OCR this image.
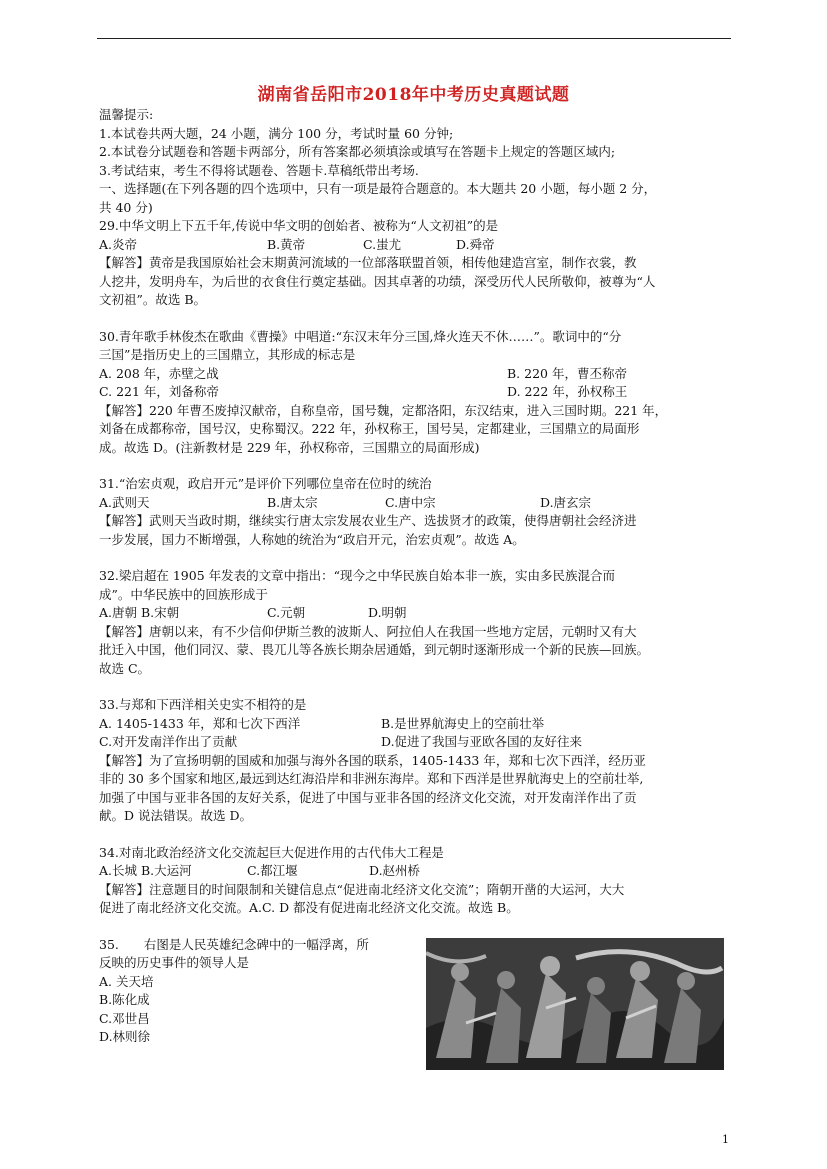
湖南省岳阳市2018年中考历史真题试题
温馨提示:
1.本试卷共两大题，24 小题，满分 100 分，考试时量 60 分钟;
2.本试卷分试题卷和答题卡两部分，所有答案都必须填涂或填写在答题卡上规定的答题区域内;
3.考试结束，考生不得将试题卷、答题卡.草稿纸带出考场.
一、选择题(在下列各题的四个选项中，只有一项是最符合题意的。本大题共 20 小题，每小题 2 分，
共 40 分)
29.中华文明上下五千年,传说中华文明的创始者、被称为“人文初祖”的是
A.炎帝	B.黄帝	C.蚩尤	D.舜帝
【解答】黄帝是我国原始社会末期黄河流域的一位部落联盟首领，相传他建造宫室，制作衣裳，教
人挖井，发明舟车，为后世的衣食住行奠定基础。因其卓著的功绩，深受历代人民所敬仰，被尊为“人
文初祖”。故选 B。
30.青年歌手林俊杰在歌曲《曹操》中唱道:“东汉末年分三国,烽火连天不休……”。歌词中的“分
三国”是指历史上的三国鼎立，其形成的标志是
A. 208 年，赤壁之战	B. 220 年，曹丕称帝
C. 221 年，刘备称帝	D. 222 年，孙权称王
【解答】220 年曹丕废掉汉献帝，自称皇帝，国号魏，定都洛阳，东汉结束，进入三国时期。221 年，
刘备在成都称帝，国号汉，史称蜀汉。222 年，孙权称王，国号吴，定都建业，三国鼎立的局面形
成。故选 D。(注新教材是 229 年，孙权称帝，三国鼎立的局面形成)
31.“治宏贞观，政启开元”是评价下列哪位皇帝在位时的统治
A.武则天	B.唐太宗	C.唐中宗	D.唐玄宗
【解答】武则天当政时期，继续实行唐太宗发展农业生产、选拔贤才的政策，使得唐朝社会经济进
一步发展，国力不断增强，人称她的统治为“政启开元，治宏贞观”。故选 A。
32.梁启超在 1905 年发表的文章中指出：“现今之中华民族自始本非一族，实由多民族混合而
成”。中华民族中的回族形成于
A.唐朝 B.宋朝	C.元朝	D.明朝
【解答】唐朝以来，有不少信仰伊斯兰教的波斯人、阿拉伯人在我国一些地方定居，元朝时又有大
批迁入中国，他们同汉、蒙、畏兀儿等各族长期杂居通婚，到元朝时逐渐形成一个新的民族—回族。
故选 C。
33.与郑和下西洋相关史实不相符的是
A. 1405-1433 年，郑和七次下西洋	B.是世界航海史上的空前壮举
C.对开发南洋作出了贡献	D.促进了我国与亚欧各国的友好往来
【解答】为了宣扬明朝的国威和加强与海外各国的联系，1405-1433 年，郑和七次下西洋，经历亚
非的 30 多个国家和地区,最远到达红海沿岸和非洲东海岸。郑和下西洋是世界航海史上的空前壮举,
加强了中国与亚非各国的友好关系，促进了中国与亚非各国的经济文化交流，对开发南洋作出了贡
献。D 说法错误。故选 D。
34.对南北政治经济文化交流起巨大促进作用的古代伟大工程是
A.长城 B.大运河	C.都江堰	D.赵州桥
【解答】注意题目的时间限制和关键信息点“促进南北经济文化交流”；隋朝开凿的大运河，大大
促进了南北经济文化交流。A.C. D 都没有促进南北经济文化交流。故选 B。
35.　　右图是人民英雄纪念碑中的一幅浮离，所
反映的历史事件的领导人是
A. 关天培
B.陈化成
C.邓世昌
D.林则徐
1
